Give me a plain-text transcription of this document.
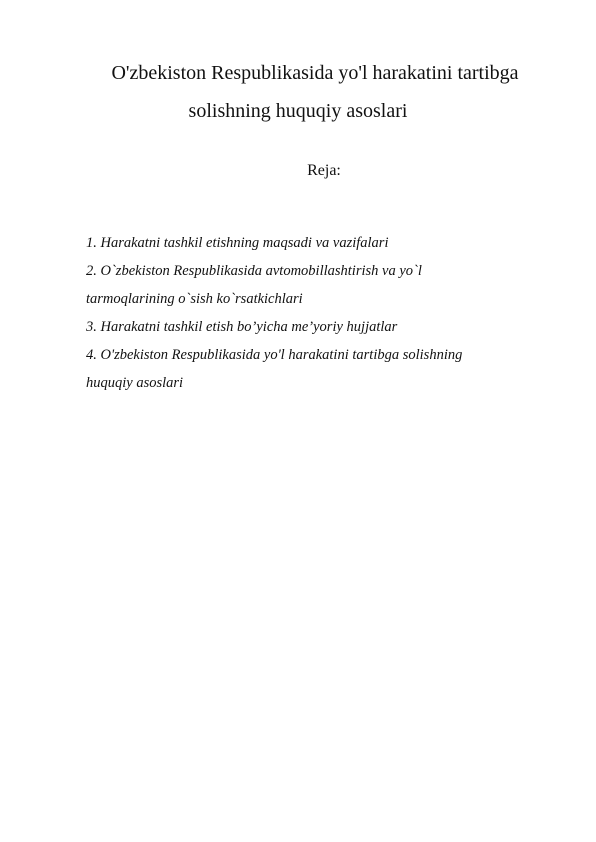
O'zbekiston Respublikasida yo'l harakatini tartibga
solishning huquqiy asoslari
Reja:
1. Harakatni tashkil etishning maqsadi va vazifalari
2. O`zbekiston Respublikasida avtomobillashtirish va yo`l
tarmoqlarining o`sish ko`rsatkichlari
3. Harakatni tashkil etish bo’yicha me’yoriy hujjatlar
4. O'zbekiston Respublikasida yo'l harakatini tartibga solishning
huquqiy asoslari
